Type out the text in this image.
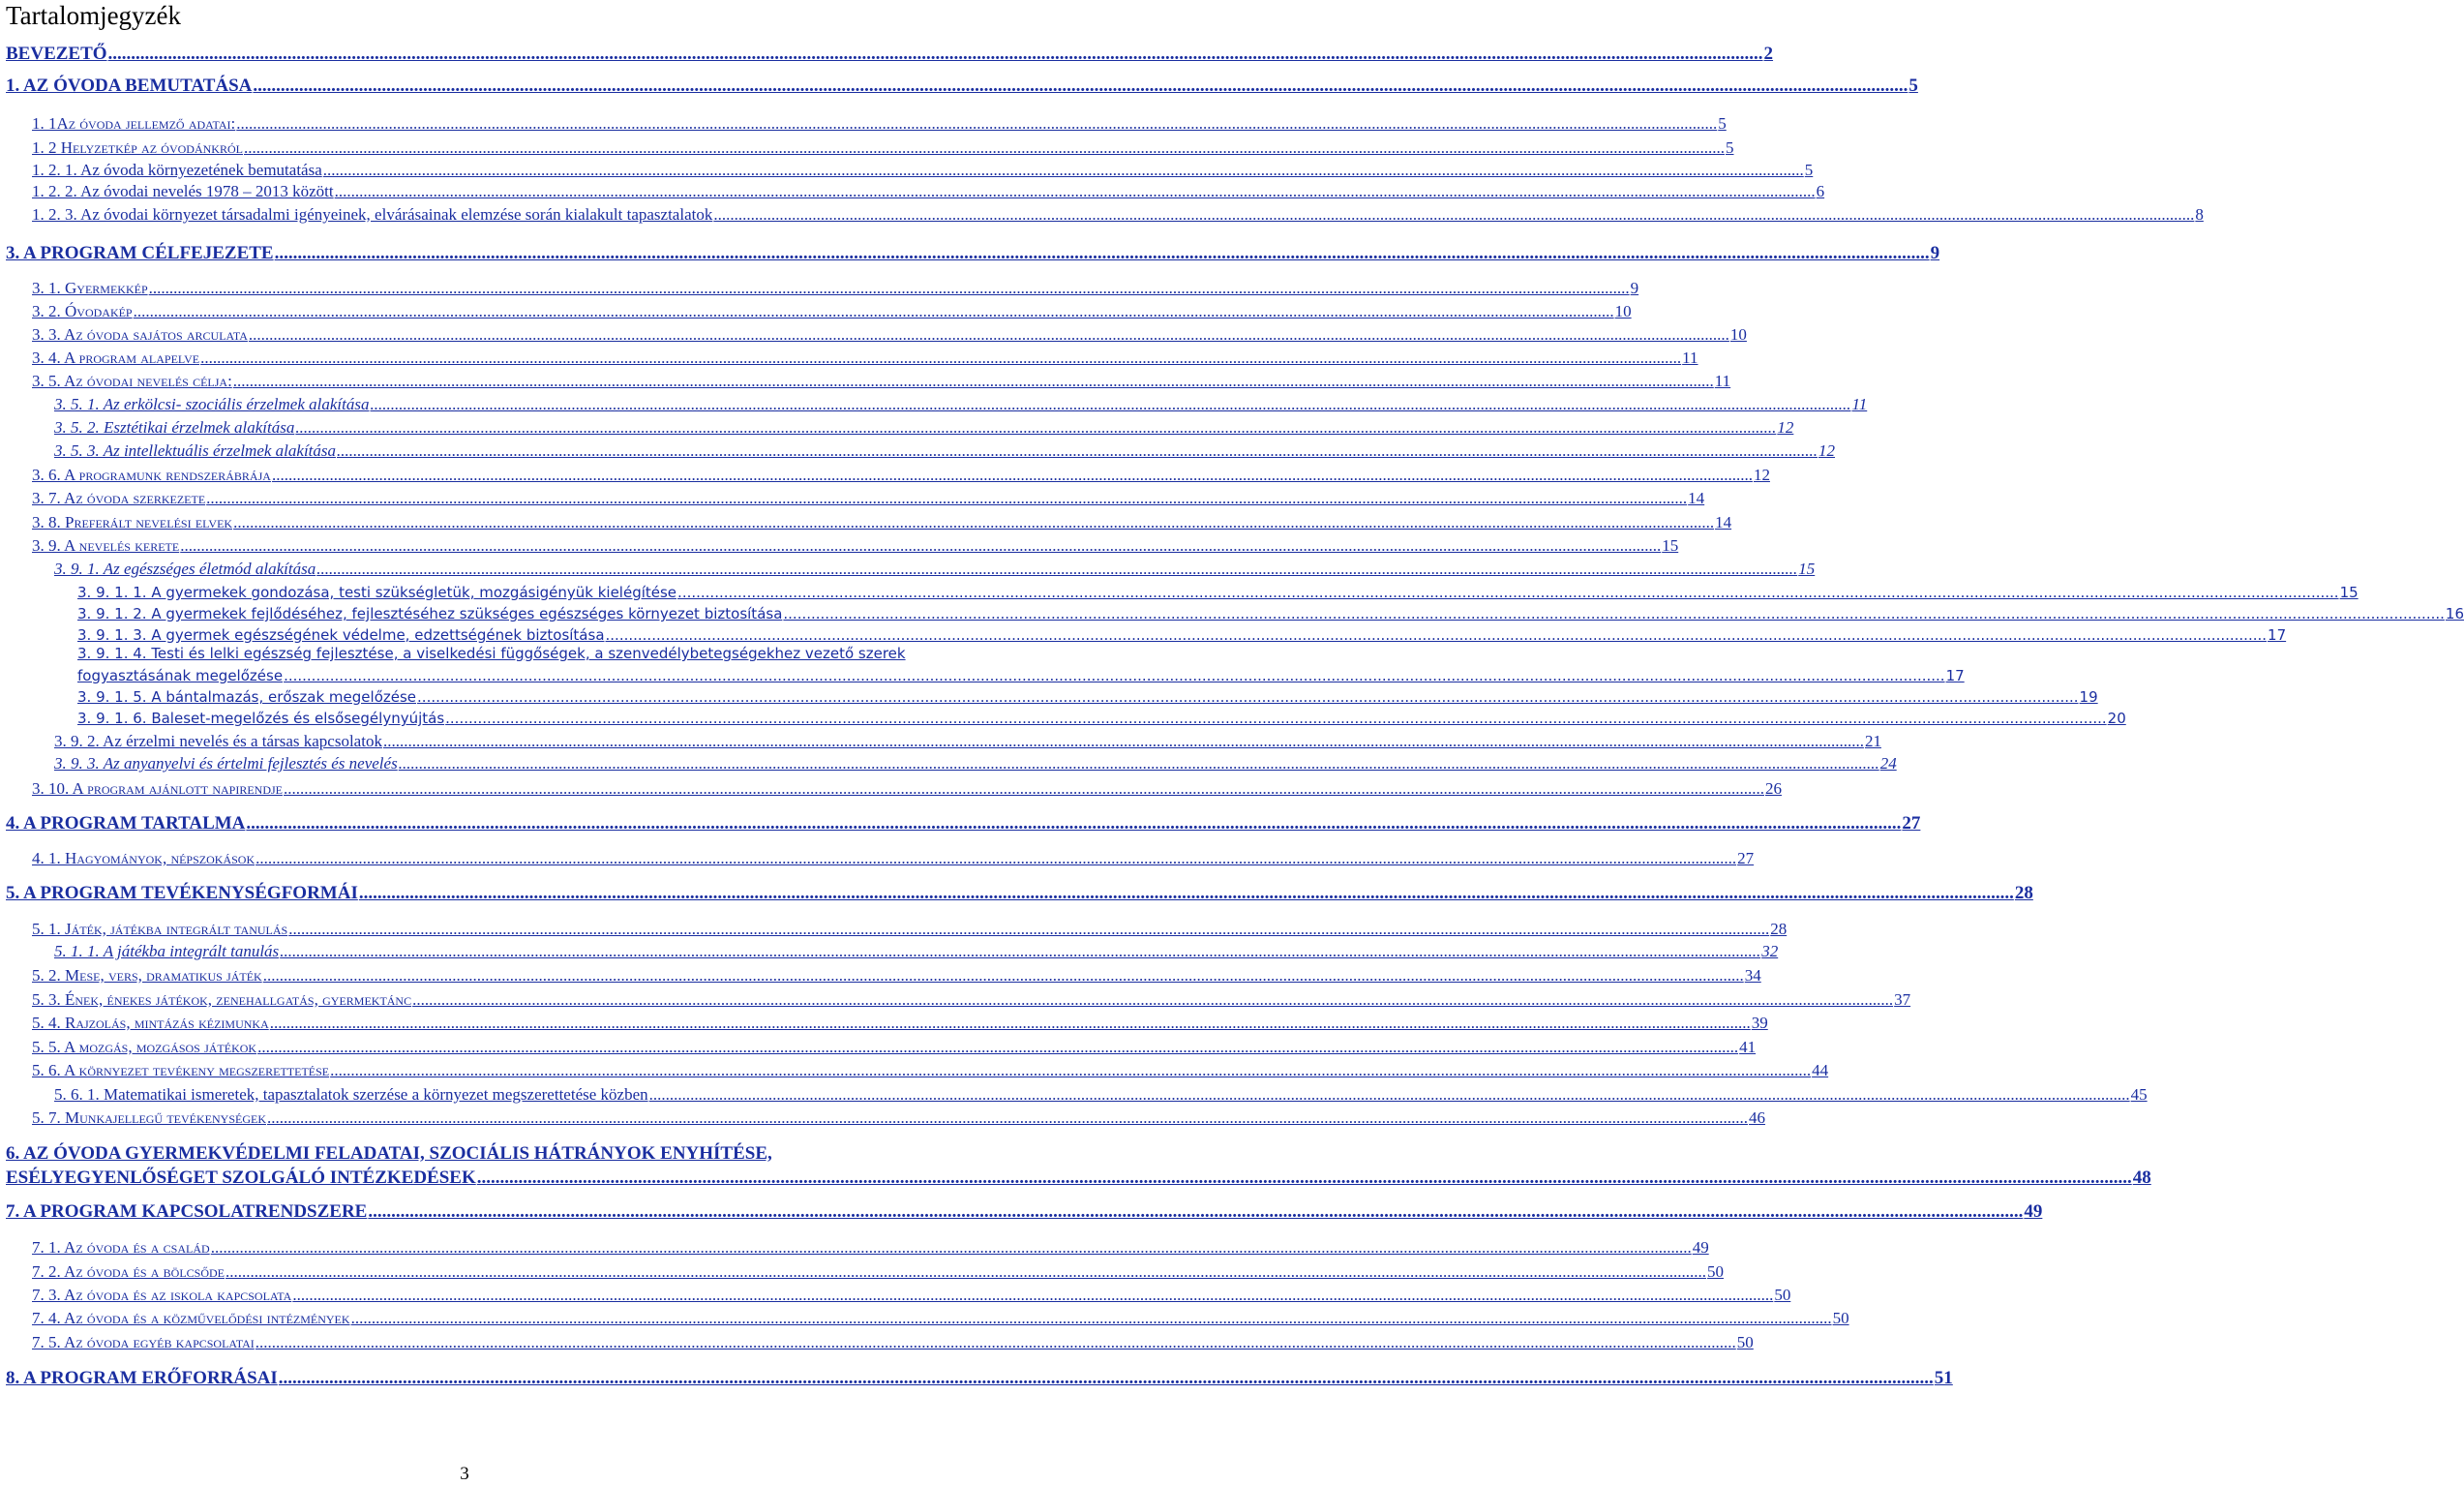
Tartalomjegyzék
BEVEZETŐ .....	2
1. AZ ÓVODA BEMUTATÁSA .....	5
1. 1Az óvoda jellemző adatai: .....	5
1. 2 Helyzetkép az óvodánkról .....	5
1. 2. 1. Az óvoda környezetének bemutatása .....	5
1. 2. 2. Az óvodai nevelés 1978 – 2013 között .....	6
1. 2. 3. Az óvodai környezet társadalmi igényeinek, elvárásainak elemzése során kialakult tapasztalatok .....	8
3. A PROGRAM CÉLFEJEZETE .....	9
3. 1. Gyermekkép .....	9
3. 2. Óvodakép .....	10
3. 3. Az óvoda sajátos arculata .....	10
3. 4. A program alapelve .....	11
3. 5. Az óvodai nevelés célja: .....	11
3. 5. 1. Az erkölcsi- szociális érzelmek alakítása .....	11
3. 5. 2. Esztétikai érzelmek alakítása .....	12
3. 5. 3. Az intellektuális érzelmek alakítása .....	12
3. 6. A programunk rendszerábrája .....	12
3. 7. Az óvoda szerkezete .....	14
3. 8. Preferált nevelési elvek .....	14
3. 9. A nevelés kerete .....	15
3. 9. 1. Az egészséges életmód alakítása .....	15
3. 9. 1. 1. A gyermekek gondozása, testi szükségletük, mozgásigényük kielégítése .....	15
3. 9. 1. 2. A gyermekek fejlődéséhez, fejlesztéséhez szükséges egészséges környezet biztosítása .....	16
3. 9. 1. 3. A gyermek egészségének védelme, edzettségének biztosítása .....	17
3. 9. 1. 4. Testi és lelki egészség fejlesztése, a viselkedési függőségek, a szenvedélybetegségekhez vezető szerek
fogyasztásának megelőzése .....	17
3. 9. 1. 5. A bántalmazás, erőszak megelőzése .....	19
3. 9. 1. 6. Baleset-megelőzés és elsősegélynyújtás .....	20
3. 9. 2. Az érzelmi nevelés és a társas kapcsolatok .....	21
3. 9. 3. Az anyanyelvi és értelmi fejlesztés és nevelés .....	24
3. 10. A program ajánlott napirendje .....	26
4. A PROGRAM TARTALMA .....	27
4. 1. Hagyományok, népszokások .....	27
5. A PROGRAM TEVÉKENYSÉGFORMÁI .....	28
5. 1. Játék, játékba integrált tanulás .....	28
5. 1. 1. A játékba integrált tanulás .....	32
5. 2. Mese, vers, dramatikus játék .....	34
5. 3. Ének, énekes játékok, zenehallgatás, gyermektánc .....	37
5. 4. Rajzolás, mintázás kézimunka .....	39
5. 5. A mozgás, mozgásos játékok .....	41
5. 6. A környezet tevékeny megszerettetése .....	44
5. 6. 1. Matematikai ismeretek, tapasztalatok szerzése a környezet megszerettetése közben .....	45
5. 7. Munkajellegű tevékenységek .....	46
6. AZ ÓVODA GYERMEKVÉDELMI FELADATAI, SZOCIÁLIS HÁTRÁNYOK ENYHÍTÉSE,
ESÉLYEGYENLŐSÉGET SZOLGÁLÓ INTÉZKEDÉSEK .....	48
7. A PROGRAM KAPCSOLATRENDSZERE .....	49
7. 1. Az óvoda és a család .....	49
7. 2. Az óvoda és a bölcsőde .....	50
7. 3. Az óvoda és az iskola kapcsolata .....	50
7. 4. Az óvoda és a közművelődési intézmények .....	50
7. 5. Az óvoda egyéb kapcsolatai .....	50
8. A PROGRAM ERŐFORRÁSAI .....	51
3
